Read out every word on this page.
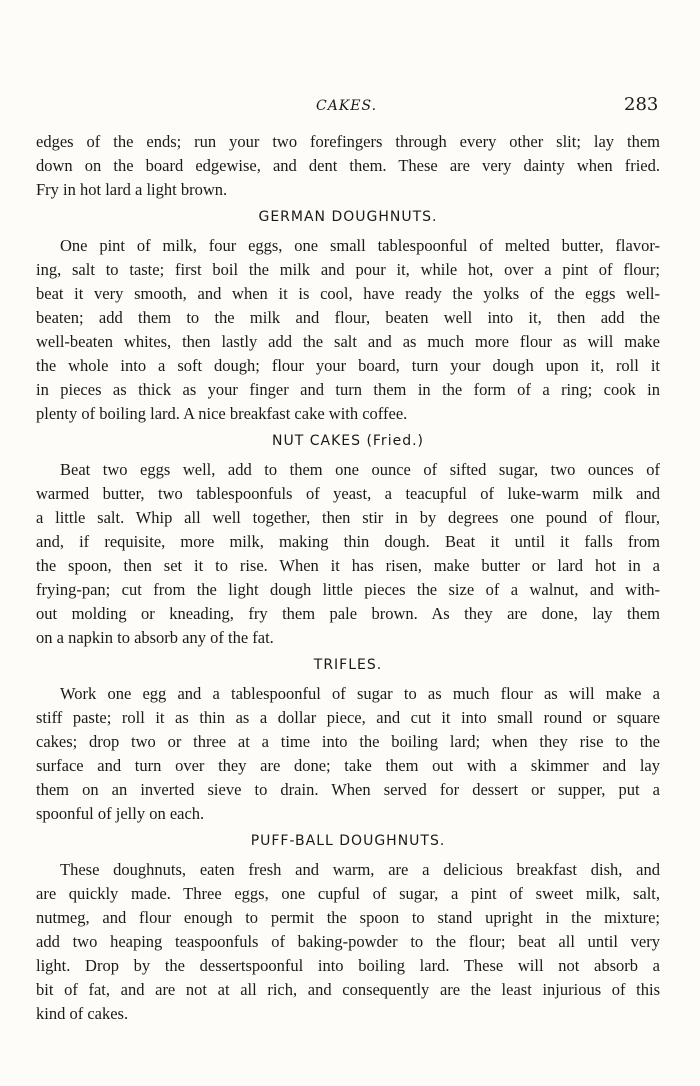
CAKES.	283
edges of the ends; run your two forefingers through every other slit; lay them
down on the board edgewise, and dent them. These are very dainty when fried.
Fry in hot lard a light brown.
GERMAN DOUGHNUTS.
One pint of milk, four eggs, one small tablespoonful of melted butter, flavor-
ing, salt to taste; first boil the milk and pour it, while hot, over a pint of flour;
beat it very smooth, and when it is cool, have ready the yolks of the eggs well-
beaten; add them to the milk and flour, beaten well into it, then add the
well-beaten whites, then lastly add the salt and as much more flour as will make
the whole into a soft dough; flour your board, turn your dough upon it, roll it
in pieces as thick as your finger and turn them in the form of a ring; cook in
plenty of boiling lard. A nice breakfast cake with coffee.
NUT CAKES (Fried.)
Beat two eggs well, add to them one ounce of sifted sugar, two ounces of
warmed butter, two tablespoonfuls of yeast, a teacupful of luke-warm milk and
a little salt. Whip all well together, then stir in by degrees one pound of flour,
and, if requisite, more milk, making thin dough. Beat it until it falls from
the spoon, then set it to rise. When it has risen, make butter or lard hot in a
frying-pan; cut from the light dough little pieces the size of a walnut, and with-
out molding or kneading, fry them pale brown. As they are done, lay them
on a napkin to absorb any of the fat.
TRIFLES.
Work one egg and a tablespoonful of sugar to as much flour as will make a
stiff paste; roll it as thin as a dollar piece, and cut it into small round or square
cakes; drop two or three at a time into the boiling lard; when they rise to the
surface and turn over they are done; take them out with a skimmer and lay
them on an inverted sieve to drain. When served for dessert or supper, put a
spoonful of jelly on each.
PUFF-BALL DOUGHNUTS.
These doughnuts, eaten fresh and warm, are a delicious breakfast dish, and
are quickly made. Three eggs, one cupful of sugar, a pint of sweet milk, salt,
nutmeg, and flour enough to permit the spoon to stand upright in the mixture;
add two heaping teaspoonfuls of baking-powder to the flour; beat all until very
light. Drop by the dessertspoonful into boiling lard. These will not absorb a
bit of fat, and are not at all rich, and consequently are the least injurious of this
kind of cakes.
